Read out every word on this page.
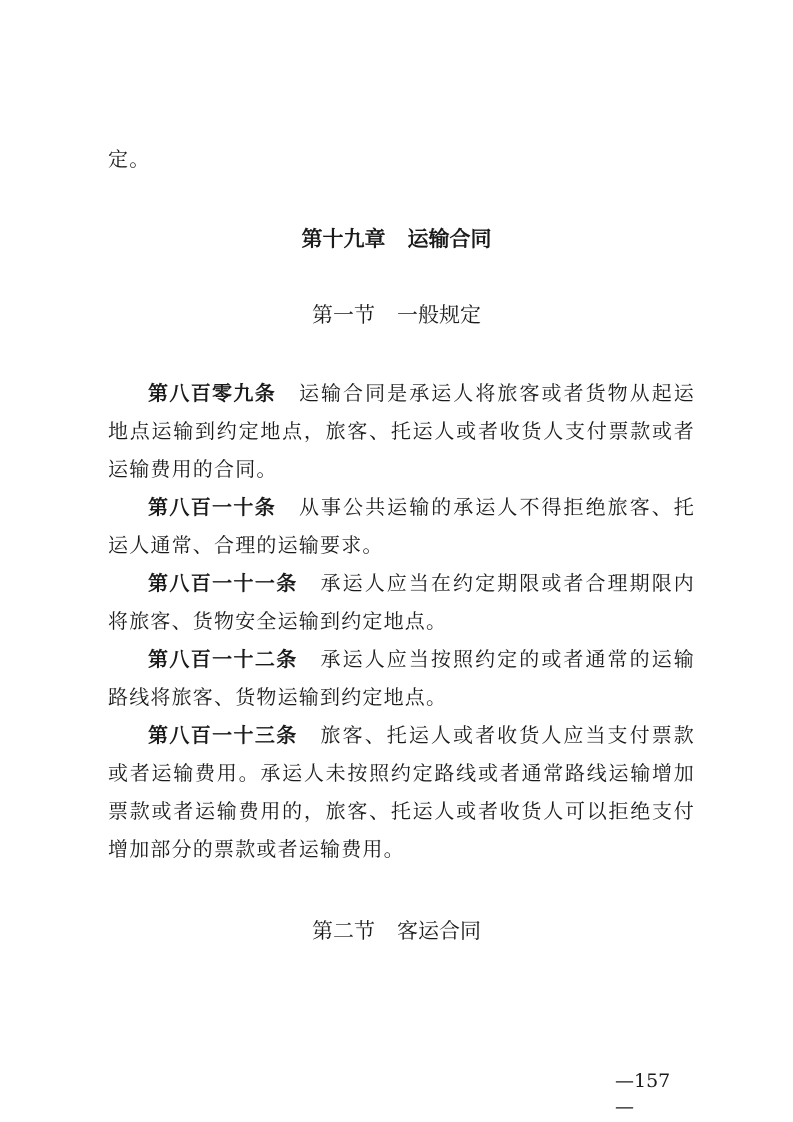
定。
第十九章 运输合同
第一节 一般规定

第八百零九条 运输合同是承运人将旅客或者货物从起运地点运输到约定地点，旅客、托运人或者收货人支付票款或者运输费用的合同。

第八百一十条 从事公共运输的承运人不得拒绝旅客、托运人通常、合理的运输要求。

第八百一十一条 承运人应当在约定期限或者合理期限内将旅客、货物安全运输到约定地点。

第八百一十二条 承运人应当按照约定的或者通常的运输路线将旅客、货物运输到约定地点。

第八百一十三条 旅客、托运人或者收货人应当支付票款或者运输费用。承运人未按照约定路线或者通常路线运输增加票款或者运输费用的，旅客、托运人或者收货人可以拒绝支付增加部分的票款或者运输费用。

第二节 客运合同
—157—
